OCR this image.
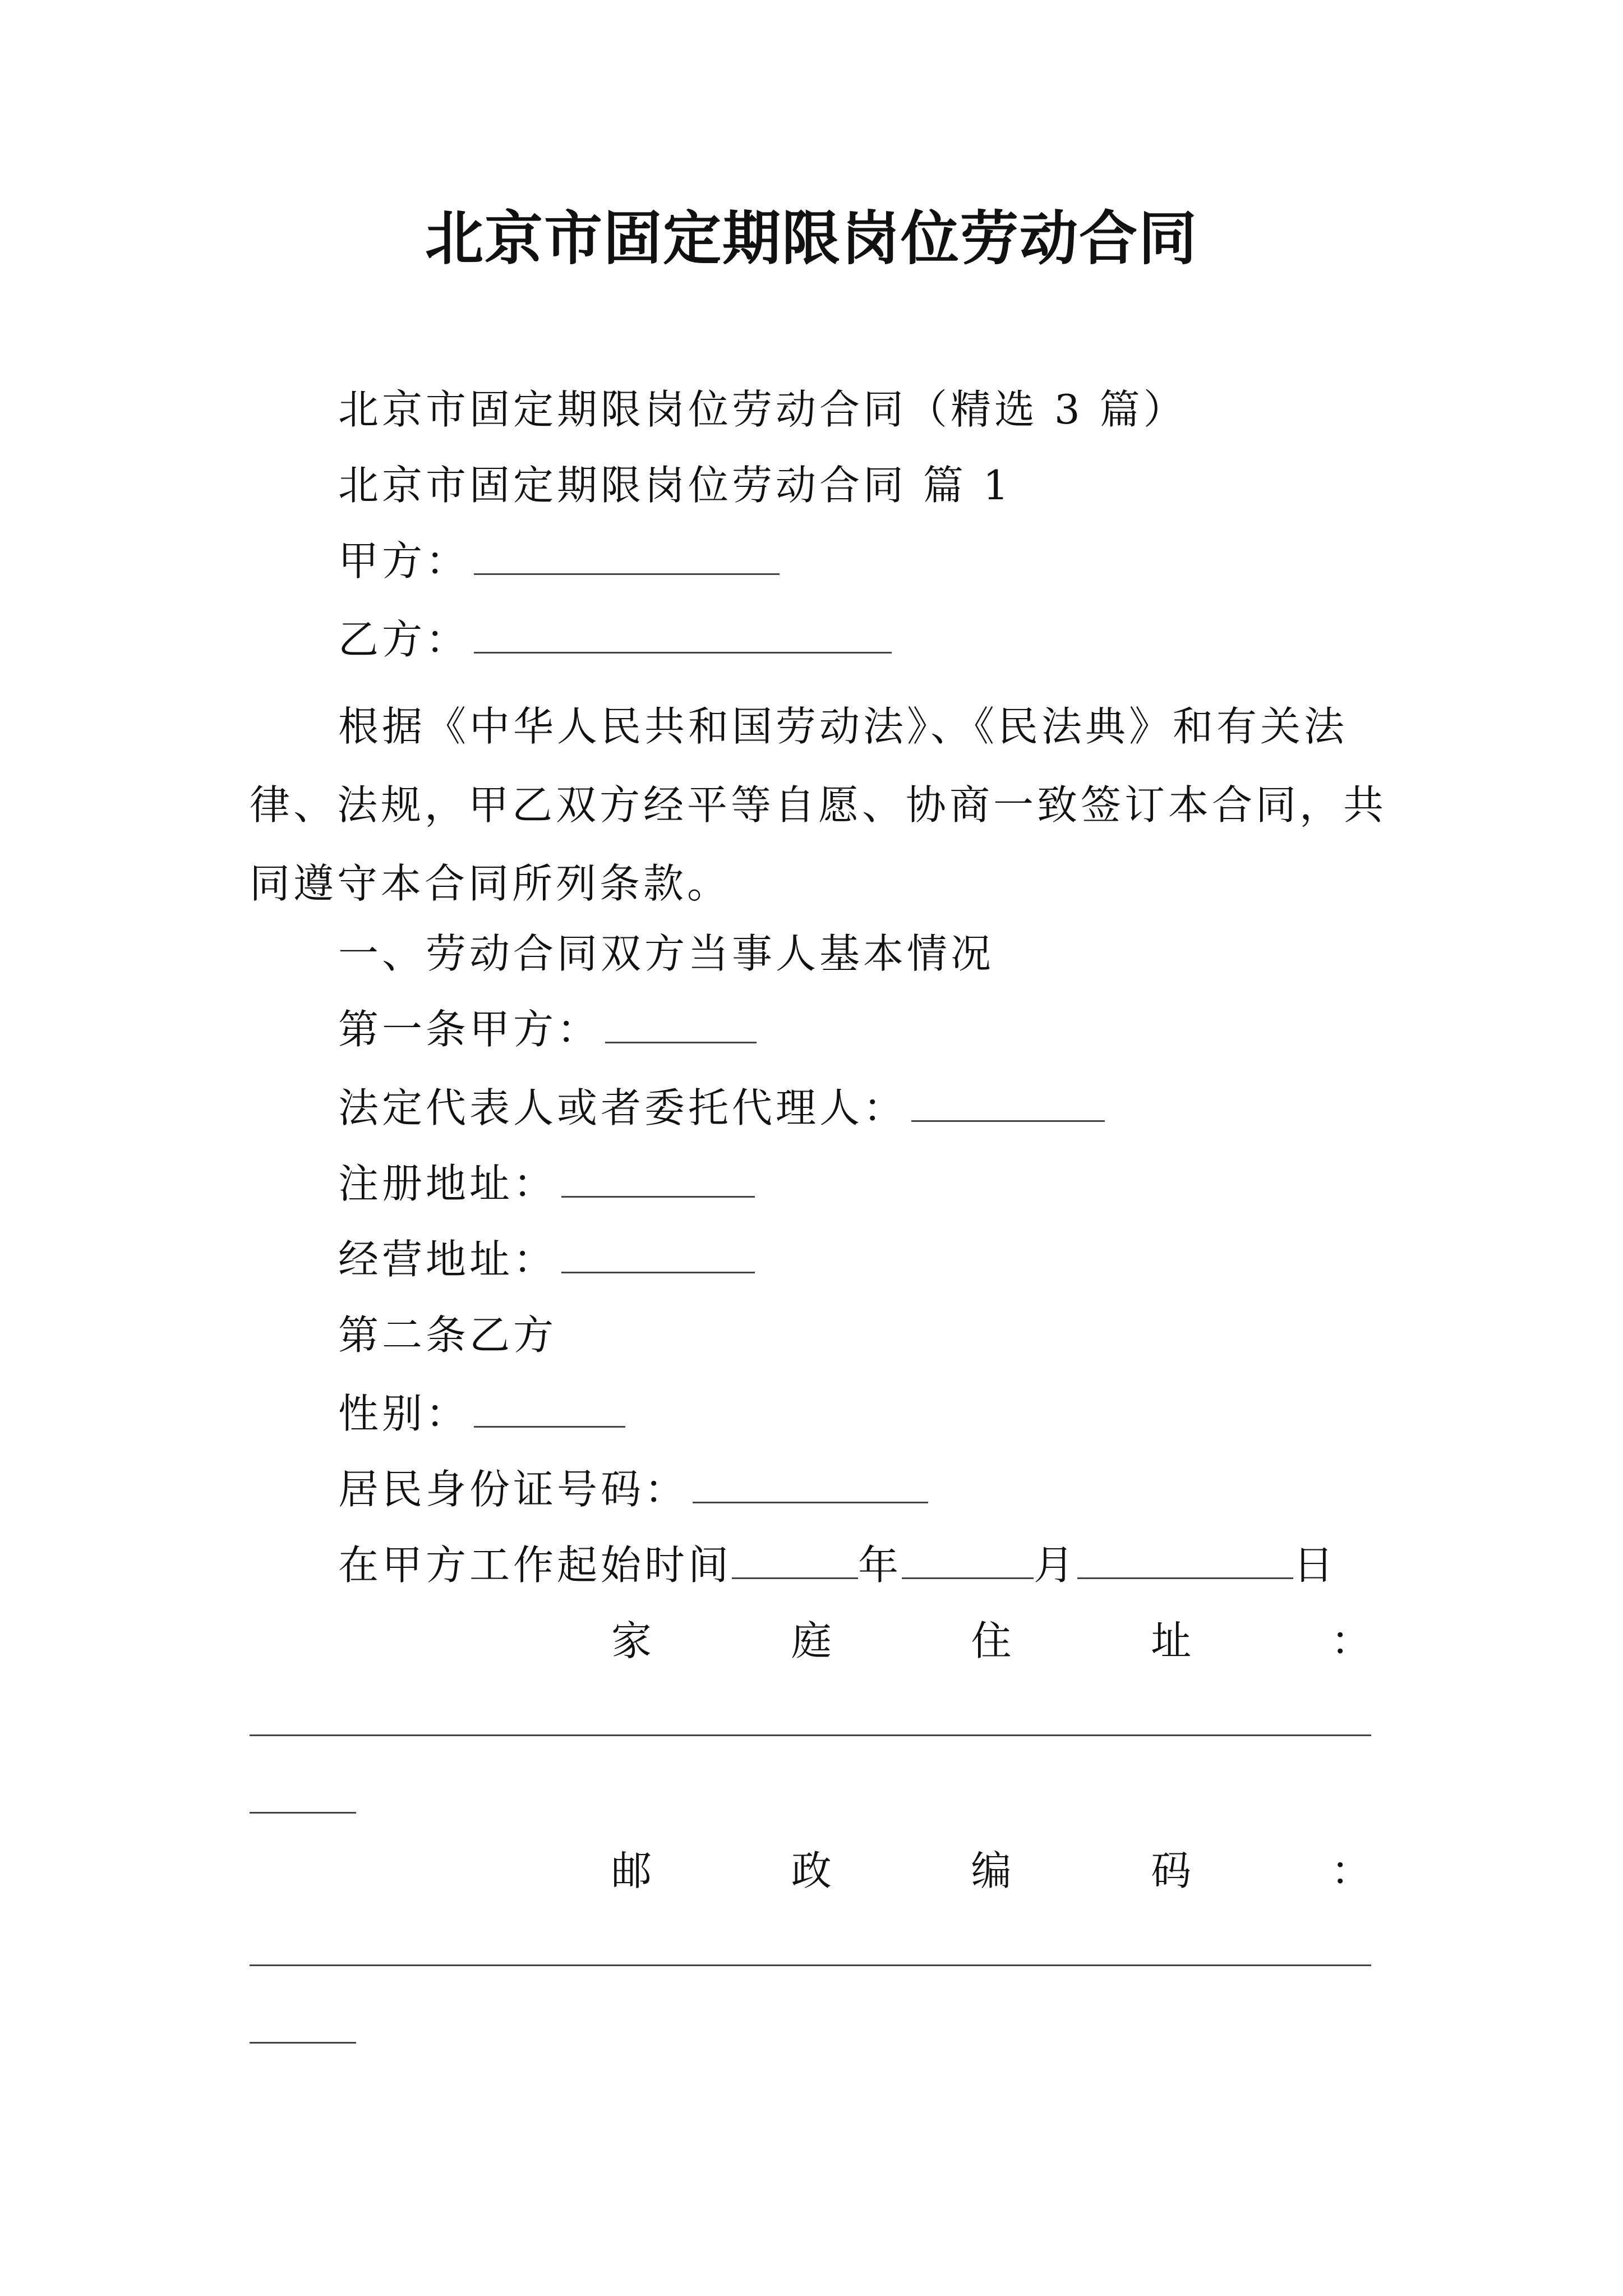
北京市固定期限岗位劳动合同
北京市固定期限岗位劳动合同（精选 3 篇）
北京市固定期限岗位劳动合同 篇 1
甲方：
乙方：
根据《中华人民共和国劳动法》、《民法典》和有关法律、法规，甲乙双方经平等自愿、协商一致签订本合同，共同遵守本合同所列条款。
一、劳动合同双方当事人基本情况
第一条甲方：
法定代表人或者委托代理人：
注册地址：
经营地址：
第二条乙方
性别：
居民身份证号码：
在甲方工作起始时间	年	月	日
家	庭	住	址	：
邮	政	编	码	：
